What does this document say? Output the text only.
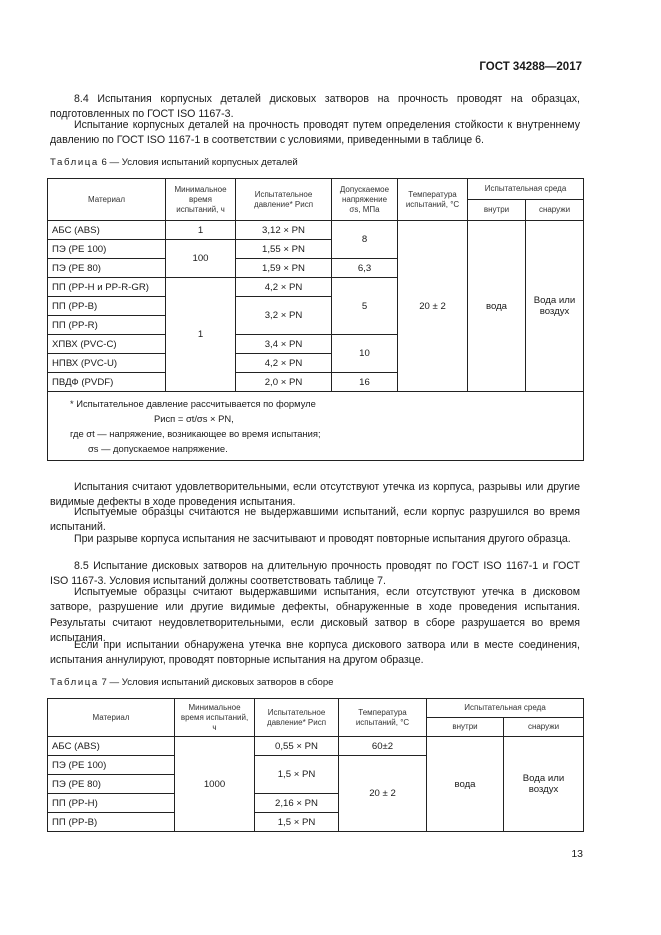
ГОСТ 34288—2017

8.4 Испытания корпусных деталей дисковых затворов на прочность проводят на образцах, подготовленных по ГОСТ ISO 1167-3.

Испытание корпусных деталей на прочность проводят путем определения стойкости к внутреннему давлению по ГОСТ ISO 1167-1 в соответствии с условиями, приведенными в таблице 6.

Таблица 6 — Условия испытаний корпусных деталей
Материал	Минимальное время испытаний, ч	Испытательное давление* Pисп	Допускаемое напряжение σs, МПа	Температура испытаний, °С	Испытательная среда	
					внутри	снаружи
АБС (ABS)	1	3,12 × PN	8	20 ± 2	вода	Вода или воздух
ПЭ (PE 100)	100	1,55 × PN				
ПЭ (PE 80)		1,59 × PN	6,3			
ПП (PP-H и PP-R-GR)	1	4,2 × PN	5			
ПП (PP-B)		3,2 × PN				
ПП (PP-R)						
ХПВХ (PVC-C)		3,4 × PN	10			
НПВХ (PVC-U)		4,2 × PN				
ПВДФ (PVDF)		2,0 × PN	16			

* Испытательное давление рассчитывается по формуле
Pисп = σt/σs × PN,
где σt — напряжение, возникающее во время испытания;
σs — допускаемое напряжение.						

Испытания считают удовлетворительными, если отсутствуют утечка из корпуса, разрывы или другие видимые дефекты в ходе проведения испытания.

Испытуемые образцы считаются не выдержавшими испытаний, если корпус разрушился во время испытаний.

При разрыве корпуса испытания не засчитывают и проводят повторные испытания другого образца.

8.5 Испытание дисковых затворов на длительную прочность проводят по ГОСТ ISO 1167-1 и ГОСТ ISO 1167-3. Условия испытаний должны соответствовать таблице 7.

Испытуемые образцы считают выдержавшими испытания, если отсутствуют утечка в дисковом затворе, разрушение или другие видимые дефекты, обнаруженные в ходе проведения испытания. Результаты считают неудовлетворительными, если дисковый затвор в сборе разрушается во время испытания.

Если при испытании обнаружена утечка вне корпуса дискового затвора или в месте соединения, испытания аннулируют, проводят повторные испытания на другом образце.

Таблица 7 — Условия испытаний дисковых затворов в сборе
Материал	Минимальное время испытаний, ч	Испытательное давление* Pисп	Температура испытаний, °С	Испытательная среда	
				внутри	снаружи
АБС (ABS)	1000	0,55 × PN	60±2	вода	Вода или воздух
ПЭ (PE 100)		1,5 × PN	20 ± 2		
ПЭ (PE 80)					
ПП (PP-H)		2,16 × PN			
ПП (PP-B)		1,5 × PN			
13
